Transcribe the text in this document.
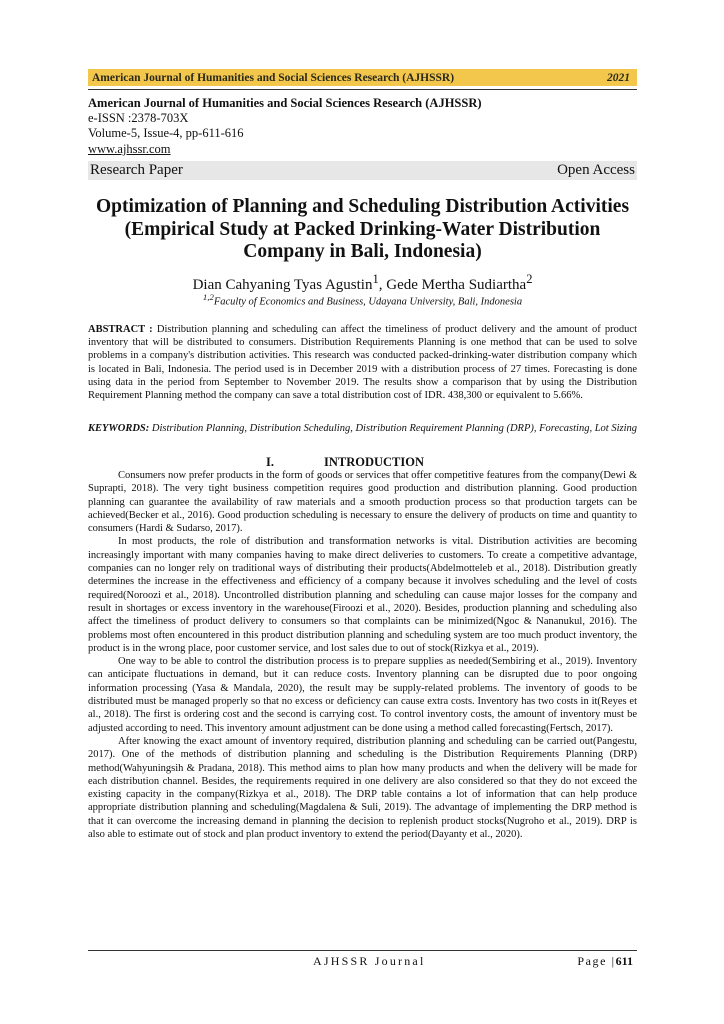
American Journal of Humanities and Social Sciences Research (AJHSSR)	2021
American Journal of Humanities and Social Sciences Research (AJHSSR)
e-ISSN :2378-703X
Volume-5, Issue-4, pp-611-616
www.ajhssr.com
Research Paper	Open Access
Optimization of Planning and Scheduling Distribution Activities
(Empirical Study at Packed Drinking-Water Distribution
Company in Bali, Indonesia)
Dian Cahyaning Tyas Agustin$^1$, Gede Mertha Sudiartha$^2$
$^{1,2}$Faculty of Economics and Business, Udayana University, Bali, Indonesia
ABSTRACT : Distribution planning and scheduling can affect the timeliness of product delivery and the amount of product inventory that will be distributed to consumers. Distribution Requirements Planning is one method that can be used to solve problems in a company's distribution activities. This research was conducted packed-drinking-water distribution company which is located in Bali, Indonesia. The period used is in December 2019 with a distribution process of 27 times. Forecasting is done using data in the period from September to November 2019. The results show a comparison that by using the Distribution Requirement Planning method the company can save a total distribution cost of IDR. 438,300 or equivalent to 5.66%.
KEYWORDS: Distribution Planning, Distribution Scheduling, Distribution Requirement Planning (DRP), Forecasting, Lot Sizing
I.	INTRODUCTION

Consumers now prefer products in the form of goods or services that offer competitive features from the company(Dewi & Suprapti, 2018). The very tight business competition requires good production and distribution planning. Good production planning can guarantee the availability of raw materials and a smooth production process so that production targets can be achieved(Becker et al., 2016). Good production scheduling is necessary to ensure the delivery of products on time and quantity to consumers (Hardi & Sudarso, 2017).

In most products, the role of distribution and transformation networks is vital. Distribution activities are becoming increasingly important with many companies having to make direct deliveries to customers. To create a competitive advantage, companies can no longer rely on traditional ways of distributing their products(Abdelmotteleb et al., 2018). Distribution greatly determines the increase in the effectiveness and efficiency of a company because it involves scheduling and the level of costs required(Noroozi et al., 2018). Uncontrolled distribution planning and scheduling can cause major losses for the company and result in shortages or excess inventory in the warehouse(Firoozi et al., 2020). Besides, production planning and scheduling also affect the timeliness of product delivery to consumers so that complaints can be minimized(Ngoc & Nananukul, 2016). The problems most often encountered in this product distribution planning and scheduling system are too much product inventory, the product is in the wrong place, poor customer service, and lost sales due to out of stock(Rizkya et al., 2019).

One way to be able to control the distribution process is to prepare supplies as needed(Sembiring et al., 2019). Inventory can anticipate fluctuations in demand, but it can reduce costs. Inventory planning can be disrupted due to poor ongoing information processing (Yasa & Mandala, 2020), the result may be supply-related problems. The inventory of goods to be distributed must be managed properly so that no excess or deficiency can cause extra costs. Inventory has two costs in it(Reyes et al., 2018). The first is ordering cost and the second is carrying cost. To control inventory costs, the amount of inventory must be adjusted according to need. This inventory amount adjustment can be done using a method called forecasting(Fertsch, 2017).

After knowing the exact amount of inventory required, distribution planning and scheduling can be carried out(Pangestu, 2017). One of the methods of distribution planning and scheduling is the Distribution Requirements Planning (DRP) method(Wahyuningsih & Pradana, 2018). This method aims to plan how many products and when the delivery will be made for each distribution channel. Besides, the requirements required in one delivery are also considered so that they do not exceed the existing capacity in the company(Rizkya et al., 2018). The DRP table contains a lot of information that can help produce appropriate distribution planning and scheduling(Magdalena & Suli, 2019). The advantage of implementing the DRP method is that it can overcome the increasing demand in planning the decision to replenish product stocks(Nugroho et al., 2019). DRP is also able to estimate out of stock and plan product inventory to extend the period(Dayanty et al., 2020).

AJHSSR Journal	Page |611
